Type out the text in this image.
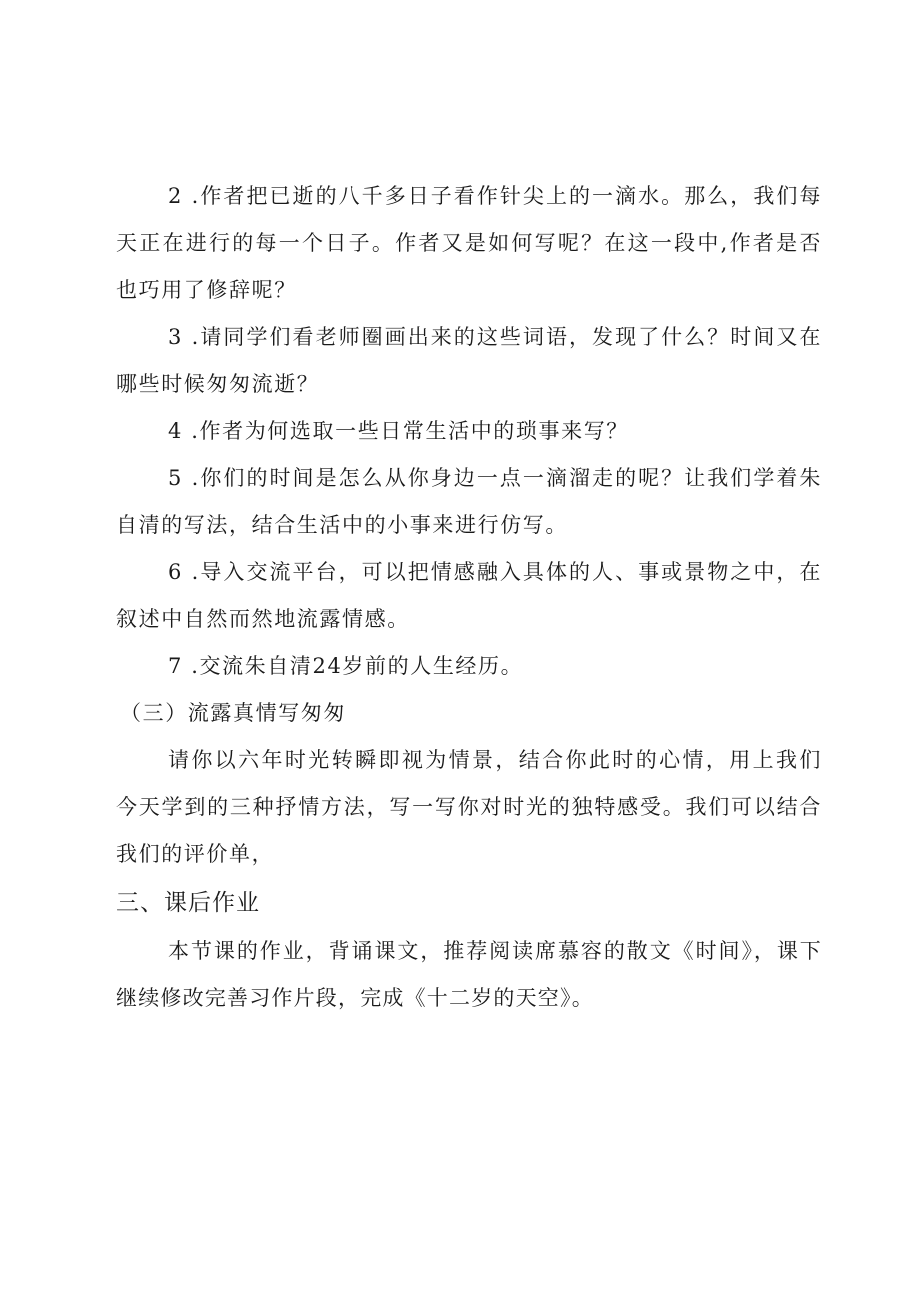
2 .作者把已逝的八千多日子看作针尖上的一滴水。那么，我们每天正在进行的每一个日子。作者又是如何写呢？在这一段中,作者是否也巧用了修辞呢？

3 .请同学们看老师圈画出来的这些词语，发现了什么？时间又在哪些时候匆匆流逝？

4 .作者为何选取一些日常生活中的琐事来写？

5 .你们的时间是怎么从你身边一点一滴溜走的呢？让我们学着朱自清的写法，结合生活中的小事来进行仿写。

6 .导入交流平台，可以把情感融入具体的人、事或景物之中，在叙述中自然而然地流露情感。

7 .交流朱自清24岁前的人生经历。

（三）流露真情写匆匆

请你以六年时光转瞬即视为情景，结合你此时的心情，用上我们今天学到的三种抒情方法，写一写你对时光的独特感受。我们可以结合我们的评价单，

三、课后作业

本节课的作业，背诵课文，推荐阅读席慕容的散文《时间》，课下继续修改完善习作片段，完成《十二岁的天空》。
